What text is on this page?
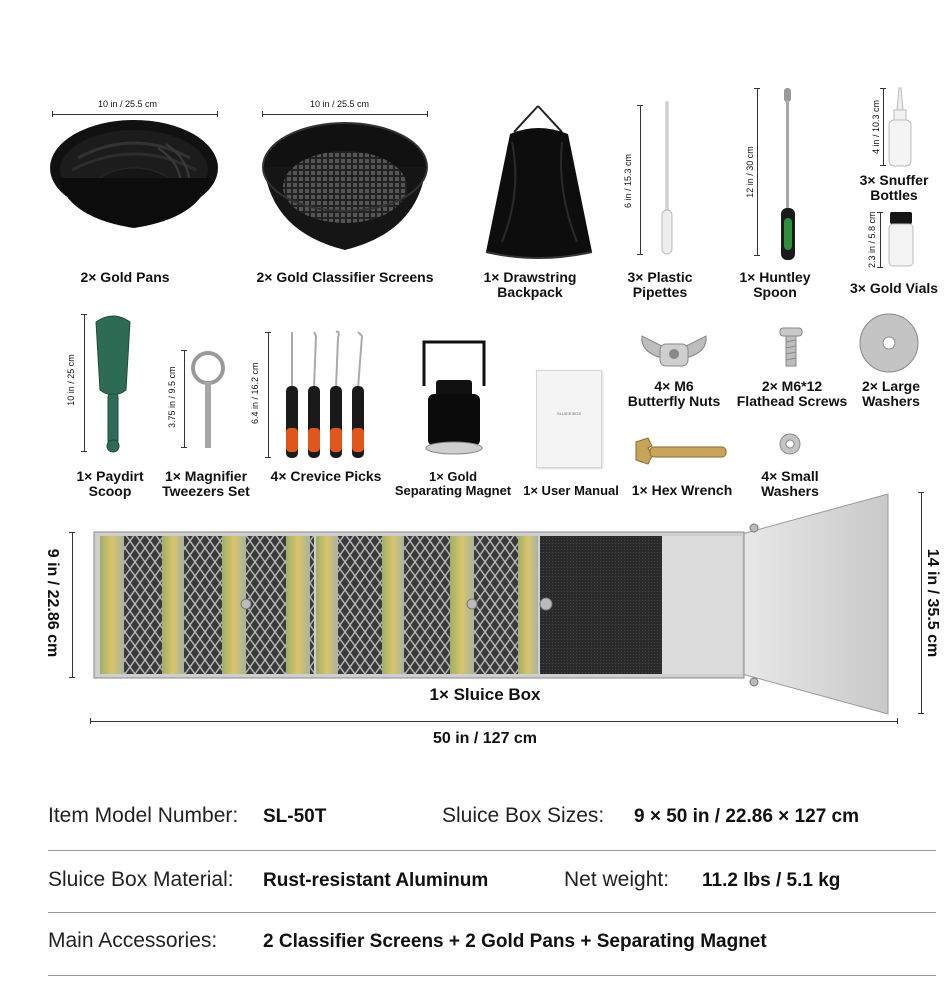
10 in / 25.5 cm
2× Gold Pans
10 in / 25.5 cm
2× Gold Classifier Screens	1× Drawstring
Backpack
6 in / 15.3 cm
3× Plastic
Pipettes
12 in / 30 cm
1× Huntley
Spoon
4 in / 10.3 cm
3× Snuffer
Bottles
2.3 in / 5.8 cm
3× Gold Vials
10 in / 25 cm
1× Paydirt
Scoop
3.75 in / 9.5 cm
1× Magnifier
Tweezers Set
6.4 in / 16.2 cm
4× Crevice Picks	1× Gold
Separating Magnet
SLUICE BOX
1× User Manual
4× M6
Butterfly Nuts
2× M6*12
Flathead Screws
2× Large
Washers
1× Hex Wrench
4× Small
Washers
9 in / 22.86 cm	14 in / 35.5 cm
1× Sluice Box
50 in / 127 cm
Item Model Number: SL-50T	Sluice Box Sizes: 9 × 50 in / 22.86 × 127 cm
Sluice Box Material: Rust-resistant Aluminum	Net weight: 11.2 lbs / 5.1 kg
Main Accessories: 2 Classifier Screens + 2 Gold Pans + Separating Magnet
